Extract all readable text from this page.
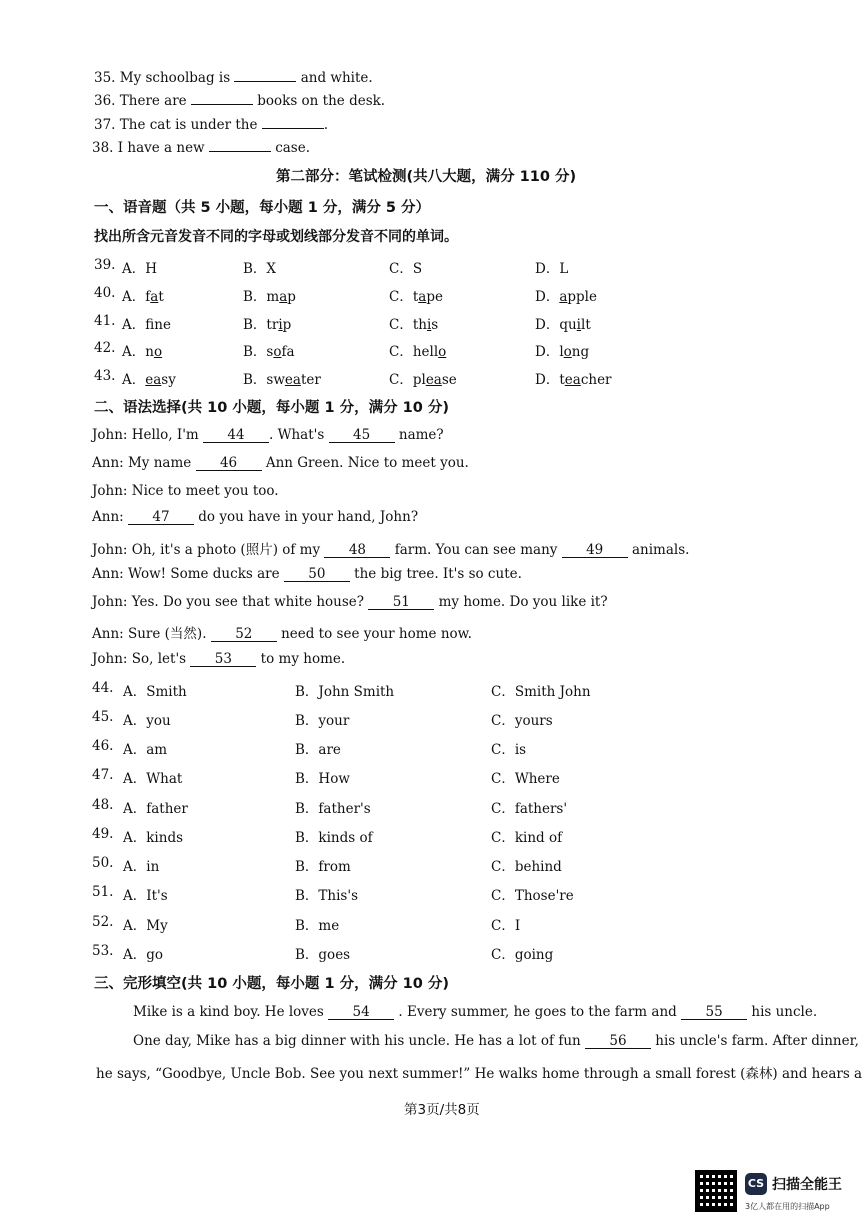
35. My schoolbag is	and white.
36. There are	books on the desk.
37. The cat is under the	.
38. I have a new	case.
第二部分：笔试检测(共八大题，满分 110 分)
一、语音题（共 5 小题，每小题 1 分，满分 5 分）
找出所含元音发音不同的字母或划线部分发音不同的单词。
39. A．H	B．X	C．S	D．L
40. A．fat	B．map	C．tape	D．apple
41. A．fne	B．trip	C．this	D．quilt
42. A．no	B．sofa	C．hello	D．long
43. A．easy	B．sweater	C．please	D．teacher
二、语法选择(共 10 小题，每小题 1 分，满分 10 分)
John: Hello, I'm 44 . What's 45 name?
Ann: My name 46 Ann Green. Nice to meet you.
John: Nice to meet you too.
Ann: 47 do you have in your hand, John?
John: Oh, it's a photo (照片) of my 48 farm. You can see many 49 animals.
Ann: Wow! Some ducks are 50 the big tree. It's so cute.
John: Yes. Do you see that white house? 51 my home. Do you like it?
Ann: Sure (当然). 52 need to see your home now.
John: So, let's 53 to my home.
44. A．Smith	B．John Smith	C．Smith John
45. A．you	B．your	C．yours
46. A．am	B．are	C．is
47. A．What	B．How	C．Where
48. A．father	B．father's	C．fathers'
49. A．kinds	B．kinds of	C．kind of
50. A．in	B．from	C．behind
51. A．It's	B．This's	C．Those're
52. A．My	B．me	C．I
53. A．go	B．goes	C．going
三、完形填空(共 10 小题，每小题 1 分，满分 10 分)
Mike is a kind boy. He loves 54 . Every summer, he goes to the farm and 55 his uncle.
One day, Mike has a big dinner with his uncle. He has a lot of fun 56 his uncle's farm. After dinner,
he says, “Goodbye, Uncle Bob. See you next summer!” He walks home through a small forest (森林) and hears a
第3页/共8页
CS 扫描全能王
3亿人都在用的扫描App
